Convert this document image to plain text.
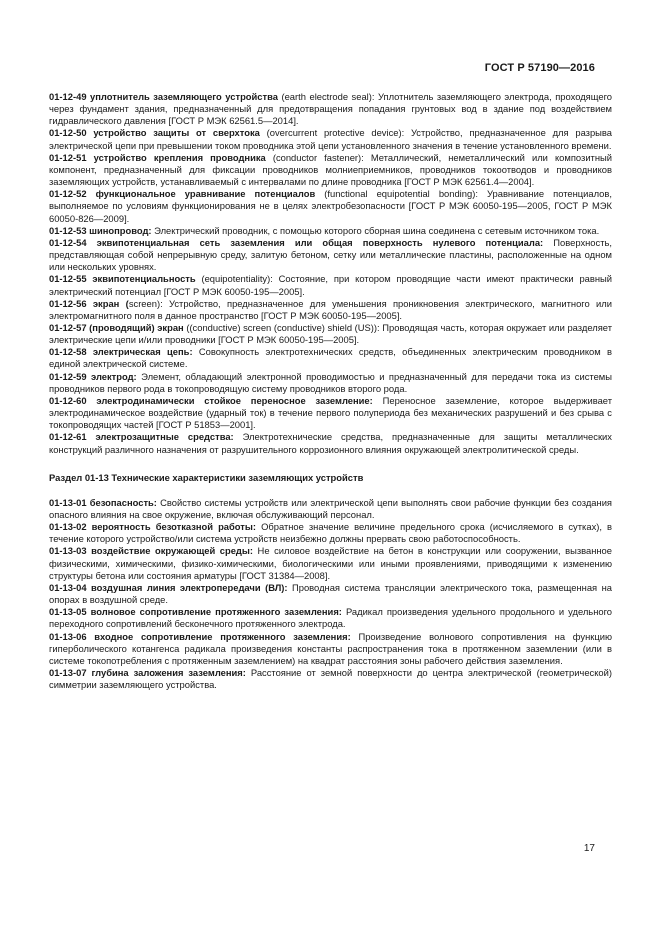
ГОСТ Р 57190—2016

01-12-49 уплотнитель заземляющего устройства (earth electrode seal): Уплотнитель заземляющего электрода, проходящего через фундамент здания, предназначенный для предотвращения попадания грунтовых вод в здание под воздействием гидравлического давления [ГОСТ Р МЭК 62561.5—2014].

01-12-50 устройство защиты от сверхтока (overcurrent protective device): Устройство, предназначенное для разрыва электрической цепи при превышении током проводника этой цепи установленного значения в течение установленного времени.

01-12-51 устройство крепления проводника (conductor fastener): Металлический, неметаллический или композитный компонент, предназначенный для фиксации проводников молниеприемников, проводников токоотводов и проводников заземляющих устройств, устанавливаемый с интервалами по длине проводника [ГОСТ Р МЭК 62561.4—2004].

01-12-52 функциональное уравнивание потенциалов (functional equipotential bonding): Уравнивание потенциалов, выполняемое по условиям функционирования не в целях электробезопасности [ГОСТ Р МЭК 60050-195—2005, ГОСТ Р МЭК 60050-826—2009].

01-12-53 шинопровод: Электрический проводник, с помощью которого сборная шина соединена с сетевым источником тока.

01-12-54 эквипотенциальная сеть заземления или общая поверхность нулевого потенциала: Поверхность, представляющая собой непрерывную среду, залитую бетоном, сетку или металлические пластины, расположенные на одном или нескольких уровнях.

01-12-55 эквипотенциальность (equipotentiality): Состояние, при котором проводящие части имеют практически равный электрический потенциал [ГОСТ Р МЭК 60050-195—2005].

01-12-56 экран (screen): Устройство, предназначенное для уменьшения проникновения электрического, магнитного или электромагнитного поля в данное пространство [ГОСТ Р МЭК 60050-195—2005].

01-12-57 (проводящий) экран ((conductive) screen (conductive) shield (US)): Проводящая часть, которая окружает или разделяет электрические цепи и/или проводники [ГОСТ Р МЭК 60050-195—2005].

01-12-58 электрическая цепь: Совокупность электротехнических средств, объединенных электрическим проводником в единой электрической системе.

01-12-59 электрод: Элемент, обладающий электронной проводимостью и предназначенный для передачи тока из системы проводников первого рода в токопроводящую систему проводников второго рода.

01-12-60 электродинамически стойкое переносное заземление: Переносное заземление, которое выдерживает электродинамическое воздействие (ударный ток) в течение первого полупериода без механических разрушений и без срыва с токопроводящих частей [ГОСТ Р 51853—2001].

01-12-61 электрозащитные средства: Электротехнические средства, предназначенные для защиты металлических конструкций различного назначения от разрушительного коррозионного влияния окружающей электролитической среды.

Раздел 01-13 Технические характеристики заземляющих устройств

01-13-01 безопасность: Свойство системы устройств или электрической цепи выполнять свои рабочие функции без создания опасного влияния на свое окружение, включая обслуживающий персонал.

01-13-02 вероятность безотказной работы: Обратное значение величине предельного срока (исчисляемого в сутках), в течение которого устройство/или система устройств неизбежно должны прервать свою работоспособность.

01-13-03 воздействие окружающей среды: Не силовое воздействие на бетон в конструкции или сооружении, вызванное физическими, химическими, физико-химическими, биологическими или иными проявлениями, приводящими к изменению структуры бетона или состояния арматуры [ГОСТ 31384—2008].

01-13-04 воздушная линия электропередачи (ВЛ): Проводная система трансляции электрического тока, размещенная на опорах в воздушной среде.

01-13-05 волновое сопротивление протяженного заземления: Радикал произведения удельного продольного и удельного переходного сопротивлений бесконечного протяженного электрода.

01-13-06 входное сопротивление протяженного заземления: Произведение волнового сопротивления на функцию гиперболического котангенса радикала произведения константы распространения тока в протяженном заземлении (или в системе токопотребления с протяженным заземлением) на квадрат расстояния зоны рабочего действия заземления.

01-13-07 глубина заложения заземления: Расстояние от земной поверхности до центра электрической (геометрической) симметрии заземляющего устройства.

17
